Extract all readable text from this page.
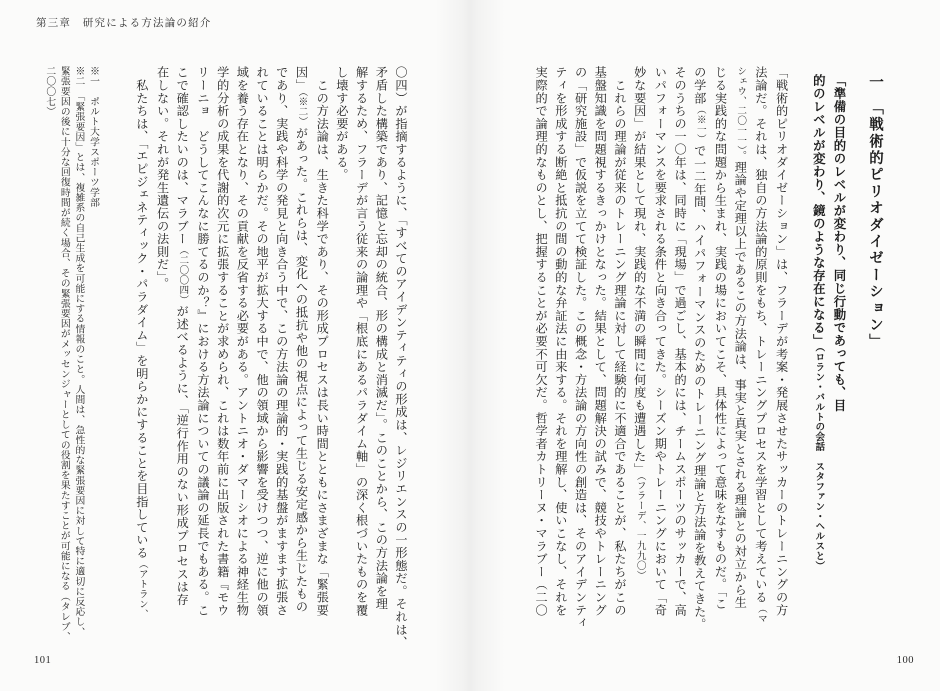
第三章　研究による方法論の紹介
一　「戦術的ピリオダイゼーション」
「準備の目的のレベルが変わり、同じ行動であっても、目
的のレベルが変わり、鏡のような存在になる」（ロラン・バルトの会話　スタファン・ヘルスと）
「戦術的ピリオダイゼーション」は、フラーデが考案・発展させたサッカーのトレーニングの方
法論だ。それは、独自の方法論的原則をもち、トレーニングプロセスを学習として考えている（マ
シェウ、二〇一一）。理論や定理以上であるこの方法論は、事実と真実とされる理論との対立から生
じる実践的な問題から生まれ、実践の場においてこそ、具体性によって意味をなすものだ。「こ
の学部（※一）で一二年間、ハイパフォーマンスのためのトレーニング理論と方法論を教えてきた。
そのうちの一〇年は、同時に「現場」で過ごし、基本的には、チームスポーツのサッカーで、高
いパフォーマンスを要求される条件と向き合ってきた。シーズン期やトレーニングにおいて「奇
妙な要因」が結果として現れ、実践的な不満の瞬間に何度も遭遇した」（フラーデ、一九九〇）
　これらの理論が従来のトレーニング理論に対して経験的に不適合であることが、私たちがこの
基盤知識を問題視するきっかけとなった。結果として、問題解決の試みで、競技やトレーニング
の「研究施設」で仮説を立てて検証した。この概念・方法論の方向性の創造は、そのアイデンティ
ティを形成する断絶と抵抗の間の動的な弁証法に由来する。それを理解し、使いこなし、それを
実際的で論理的なものとし、把握することが必要不可欠だ。哲学者カトリーヌ・マラブー（二〇
〇四）が指摘するように、「すべてのアイデンティティの形成は、レジリエンスの一形態だ。それは、
矛盾した構築であり、記憶と忘却の統合、形の構成と消滅だ」。このことから、この方法論を理
解するため、フラーデが言う従来の論理や「根底にあるパラダイム軸」の深く根づいたものを覆
し壊す必要がある。
　この方法論は、生きた科学であり、その形成プロセスは長い時間とともにさまざまな「緊張要
因」（※二）があった。これらは、変化への抵抗や他の視点によって生じる安定感から生じたもの
であり、実践や科学の発見と向き合う中で、この方法論の理論的・実践的基盤がますます拡張さ
れていることは明らかだ。その地平が拡大する中で、他の領域から影響を受けつつ、逆に他の領
域を養う存在となり、その貢献を反省する必要がある。アントニオ・ダマーシオによる神経生物
学的分析の成果を代謝的次元に拡張することが求められ、これは数年前に出版された書籍『モウ
リーニョ　どうしてこんなに勝てるのか？』における方法論についての議論の延長でもある。こ
こで確認したいのは、マラブー（二〇〇四）が述べるように、「逆行作用のない形成プロセスは存
在しない。それが発生遺伝の法則だ」。
　私たちは、「エピジェネティック・パラダイム」を明らかにすることを目指している（アトラン、
※一　ポルト大学スポーツ学部
※二　「緊張要因」とは、複雑系の自己生成を可能にする情報のこと。人間は、急性的な緊張要因に対して特に適切に反応し、
緊張要因の後に十分な回復時間が続く場合、その緊張要因がメッセンジャーとしての役割を果たすことが可能になる（タレブ、
二〇〇七）
101	100
